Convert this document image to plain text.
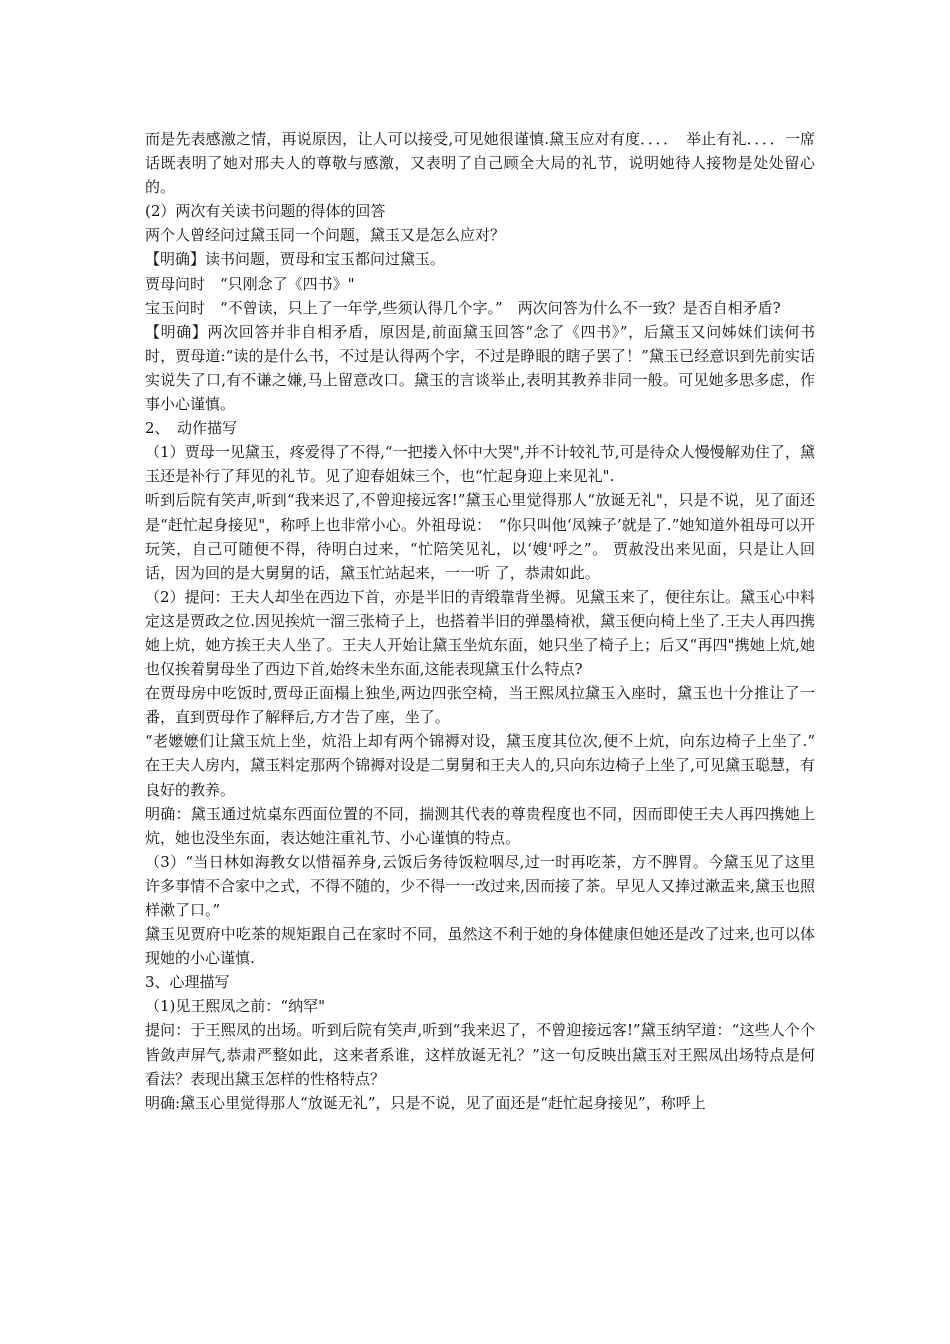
而是先表感激之情，再说原因，让人可以接受,可见她很谨慎.黛玉应对有度．．．．　举止有礼．．．．一席话既表明了她对邢夫人的尊敬与感激，又表明了自己顾全大局的礼节，说明她待人接物是处处留心的。

(2）两次有关读书问题的得体的回答

两个人曾经问过黛玉同一个问题，黛玉又是怎么应对？

【明确】读书问题，贾母和宝玉都问过黛玉。

贾母问时　“只刚念了《四书》"

宝玉问时　“不曾读，只上了一年学,些须认得几个字。”　两次问答为什么不一致？是否自相矛盾?

【明确】两次回答并非自相矛盾，原因是,前面黛玉回答“念了《四书》”，后黛玉又问姊妹们读何书时，贾母道:“读的是什么书，不过是认得两个字，不过是睁眼的瞎子罢了！”黛玉已经意识到先前实话实说失了口,有不谦之嫌,马上留意改口。黛玉的言谈举止,表明其教养非同一般。可见她多思多虑，作事小心谨慎。

2、　动作描写

（1）贾母一见黛玉，疼爱得了不得,“一把搂入怀中大哭",并不计较礼节,可是待众人慢慢解劝住了，黛玉还是补行了拜见的礼节。见了迎春姐妹三个，也“忙起身迎上来见礼".

听到后院有笑声,听到“我来迟了,不曾迎接远客!”黛玉心里觉得那人“放诞无礼"，只是不说，见了面还是“赶忙起身接见"，称呼上也非常小心。外祖母说：　“你只叫他‘凤辣子’就是了.”她知道外祖母可以开玩笑，自己可随便不得，待明白过来，“忙陪笑见礼，以‘嫂'呼之”。 贾赦没出来见面，只是让人回话，因为回的是大舅舅的话，黛玉忙站起来，一一听 了，恭肃如此。

（2）提问：王夫人却坐在西边下首，亦是半旧的青缎靠背坐褥。见黛玉来了，便往东让。黛玉心中料定这是贾政之位.因见挨炕一溜三张椅子上，也搭着半旧的弹墨椅袱，黛玉便向椅上坐了.王夫人再四携她上炕，她方挨王夫人坐了。王夫人开始让黛玉坐炕东面，她只坐了椅子上；后又“再四"携她上炕,她也仅挨着舅母坐了西边下首,始终未坐东面,这能表现黛玉什么特点?

在贾母房中吃饭时,贾母正面榻上独坐,两边四张空椅，当王熙凤拉黛玉入座时，黛玉也十分推让了一番，直到贾母作了解释后,方才告了座，坐了。

“老嬷嬷们让黛玉炕上坐，炕沿上却有两个锦褥对设，黛玉度其位次,便不上炕，向东边椅子上坐了.”　在王夫人房内，黛玉料定那两个锦褥对设是二舅舅和王夫人的,只向东边椅子上坐了,可见黛玉聪慧，有良好的教养。

明确：黛玉通过炕桌东西面位置的不同，揣测其代表的尊贵程度也不同，因而即使王夫人再四携她上炕，她也没坐东面，表达她注重礼节、小心谨慎的特点。

（3）“当日林如海教女以惜福养身,云饭后务待饭粒咽尽,过一时再吃茶，方不脾胃。今黛玉见了这里许多事情不合家中之式，不得不随的，少不得一一改过来,因而接了茶。早见人又捧过漱盂来,黛玉也照样漱了口。”

黛玉见贾府中吃茶的规矩跟自己在家时不同，虽然这不利于她的身体健康但她还是改了过来,也可以体现她的小心谨慎.

3、心理描写

（1)见王熙凤之前：“纳罕"

提问：于王熙凤的出场。听到后院有笑声,听到“我来迟了，不曾迎接远客!”黛玉纳罕道：“这些人个个皆敛声屏气,恭肃严整如此，这来者系谁，这样放诞无礼？”这一句反映出黛玉对王熙凤出场特点是何看法？表现出黛玉怎样的性格特点？

明确:黛玉心里觉得那人“放诞无礼”，只是不说，见了面还是“赶忙起身接见”，称呼上
